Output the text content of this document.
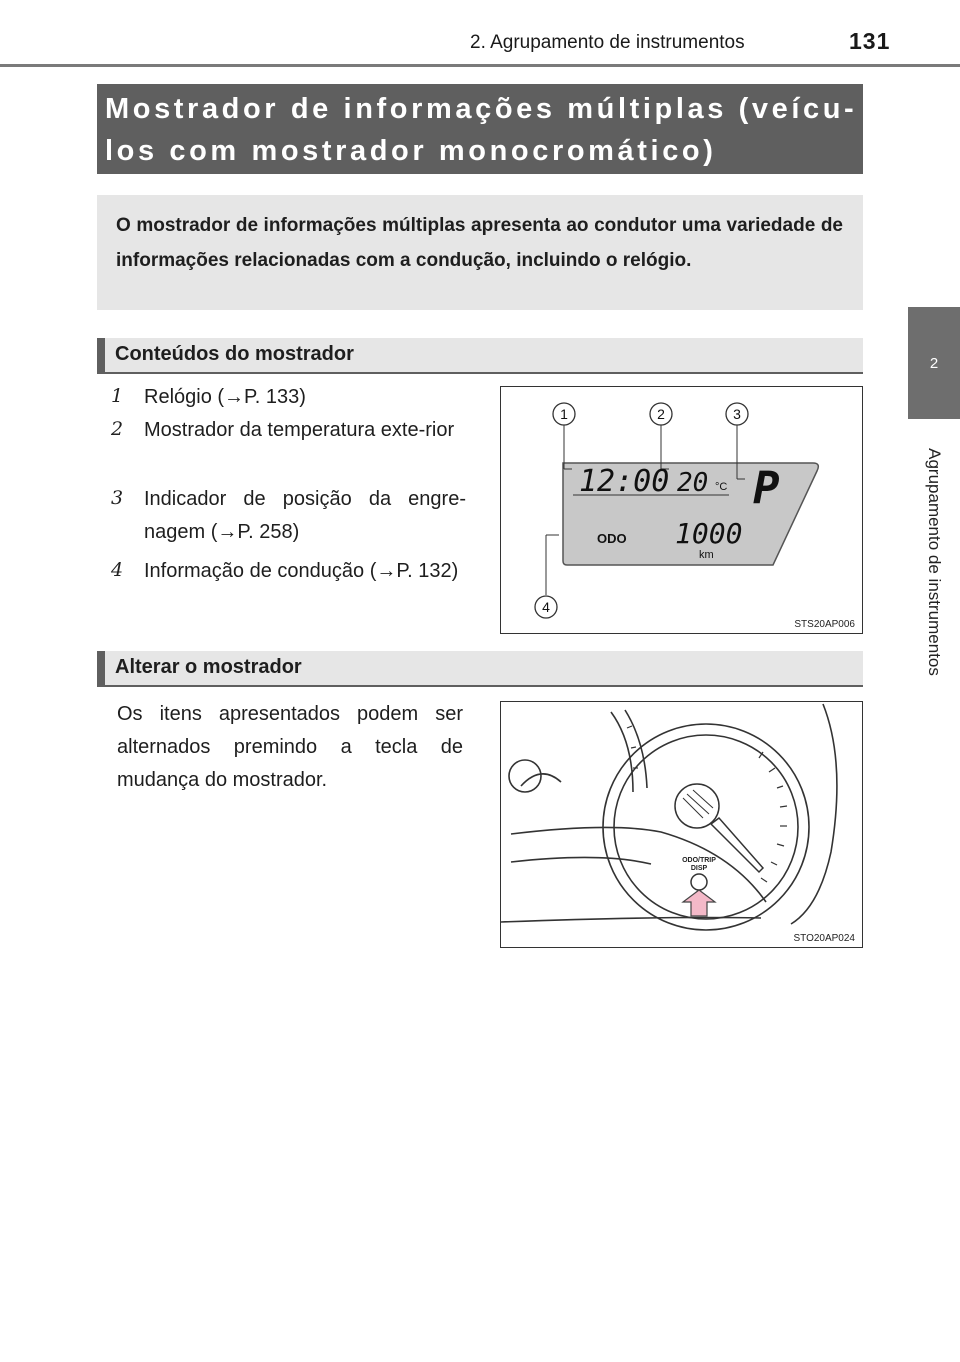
2. Agrupamento de instrumentos	131
2
Agrupamento de instrumentos
Mostrador de informações múltiplas (veícu-
los com mostrador monocromático)

O mostrador de informações múltiplas apresenta ao condutor uma variedade de informações relacionadas com a condução, incluindo o relógio.

Conteúdos do mostrador
1 Relógio (→P. 133)
2 Mostrador da temperatura exte-rior
3 Indicador de posição da engre-nagem (→P. 258)
4 Informação de condução (→P. 132)
1	2	3
4
12:00 20 °C P
ODO 1000
km
STS20AP006
Alterar o mostrador
Os itens apresentados podem ser alternados premindo a tecla de mudança do mostrador.
ODO/TRIP
DISP
STO20AP024
